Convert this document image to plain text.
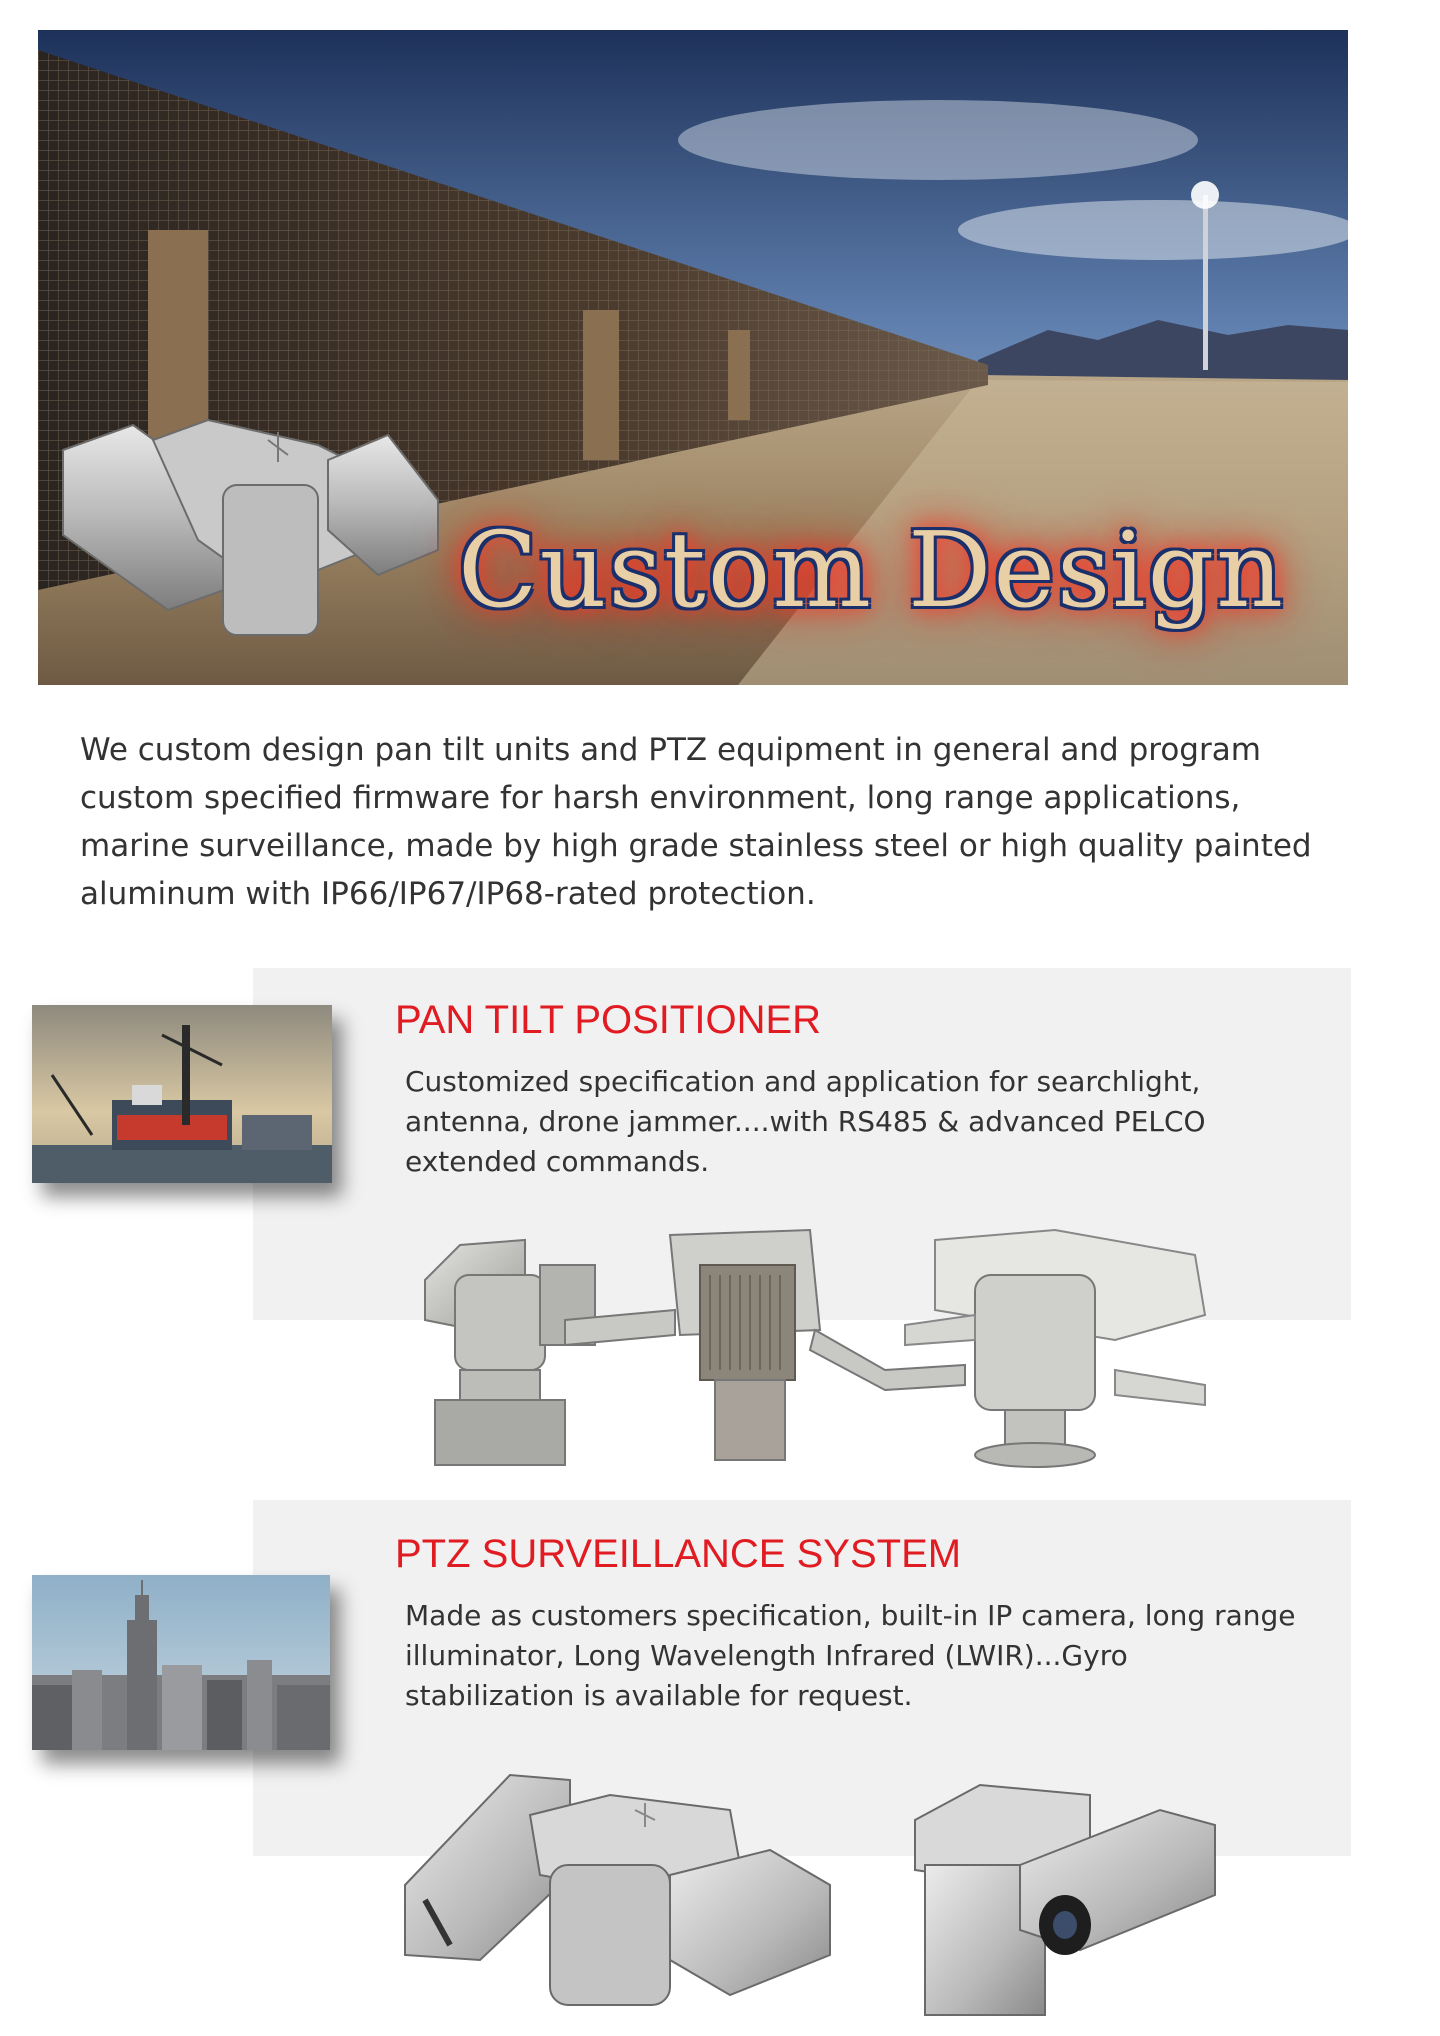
Custom Design
We custom design pan tilt units and PTZ equipment in general and program custom specified firmware for harsh environment, long range applications, marine surveillance, made by high grade stainless steel or high quality painted aluminum with IP66/IP67/IP68-rated protection.
PAN TILT POSITIONER
Customized specification and application for searchlight, antenna, drone jammer....with RS485 & advanced PELCO extended commands.
PTZ SURVEILLANCE SYSTEM
Made as customers specification, built-in IP camera, long range illuminator, Long Wavelength Infrared (LWIR)...Gyro stabilization is available for request.
